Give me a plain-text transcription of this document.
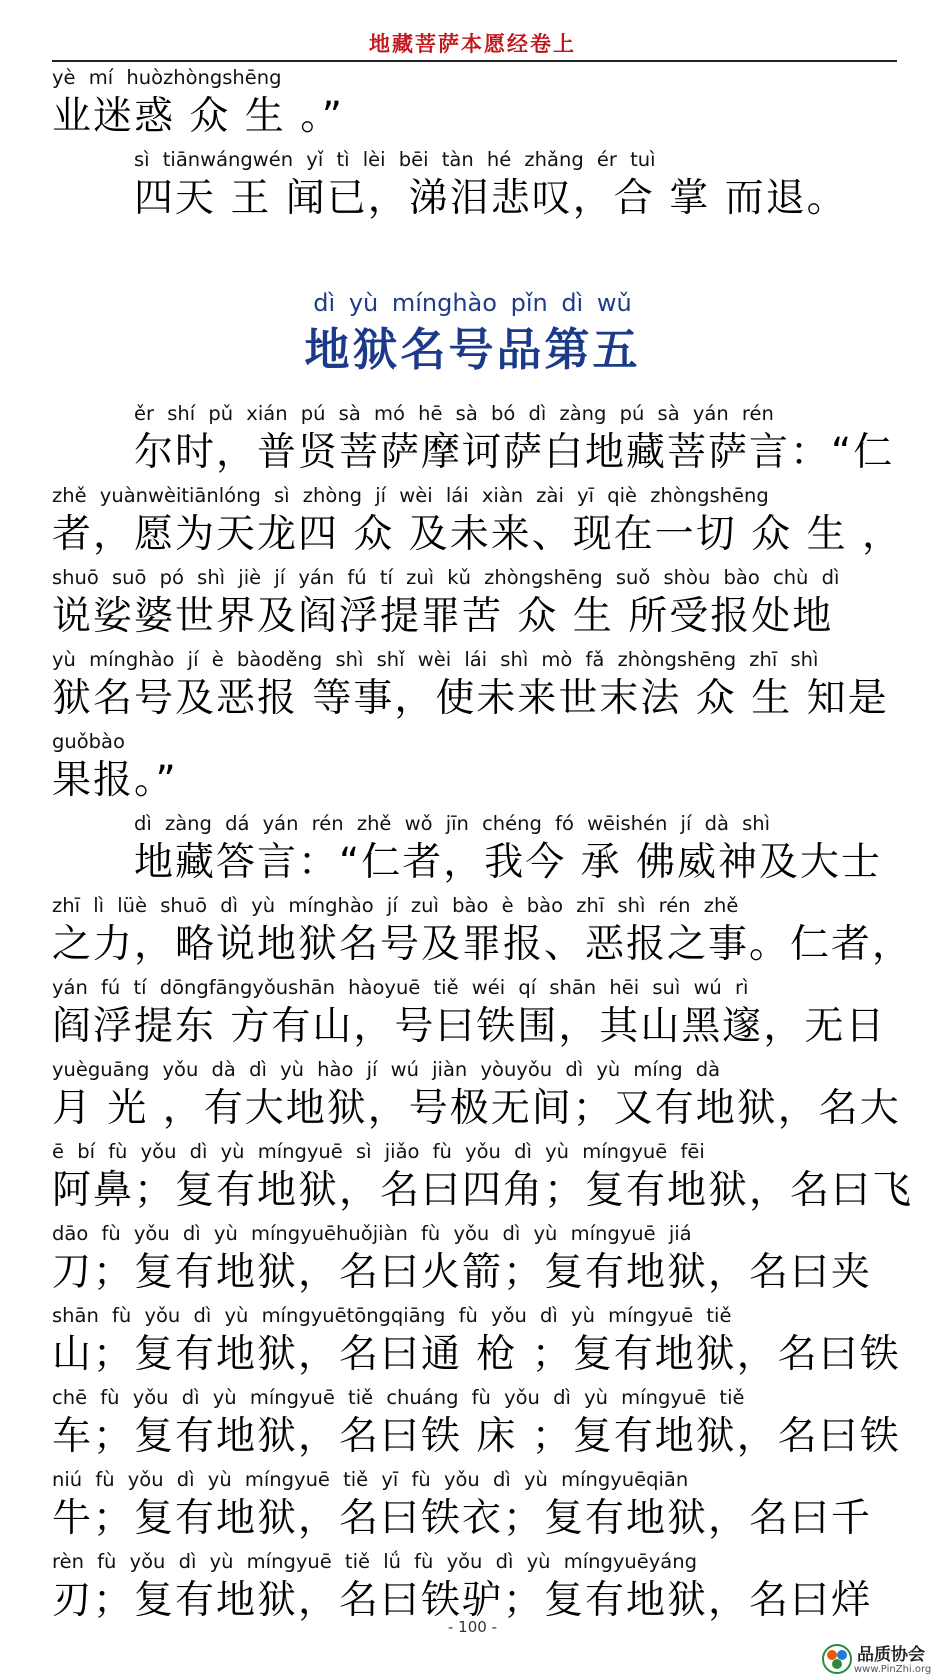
地藏菩萨本愿经卷上
yè mí huòzhòngshēng
业迷惑 众 生 。”
sì tiānwángwén yǐ tì lèi bēi tàn hé zhǎng ér tuì
四天 王 闻已，涕泪悲叹，合 掌 而退。
dì yù mínghào pǐn dì wǔ
地狱名号品第五
ěr shí pǔ xián pú sà mó hē sà bó dì zàng pú sà yán rén
尔时，普贤菩萨摩诃萨白地藏菩萨言：“仁
zhě yuànwèitiānlóng sì zhòng jí wèi lái xiàn zài yī qiè zhòngshēng
者，愿为天龙四 众 及未来、现在一切 众 生 ，
shuō suō pó shì jiè jí yán fú tí zuì kǔ zhòngshēng suǒ shòu bào chù dì
说娑婆世界及阎浮提罪苦 众 生 所受报处地
yù mínghào jí è bàoděng shì shǐ wèi lái shì mò fǎ zhòngshēng zhī shì
狱名号及恶报 等事，使未来世末法 众 生 知是
guǒbào
果报。”
dì zàng dá yán rén zhě wǒ jīn chéng fó wēishén jí dà shì
地藏答言：“仁者，我今 承 佛威神及大士
zhī lì lüè shuō dì yù mínghào jí zuì bào è bào zhī shì rén zhě
之力，略说地狱名号及罪报、恶报之事。仁者，
yán fú tí dōngfāngyǒushān hàoyuē tiě wéi qí shān hēi suì wú rì
阎浮提东 方有山，号曰铁围，其山黑邃，无日
yuèguāng yǒu dà dì yù hào jí wú jiàn yòuyǒu dì yù míng dà
月 光 ，有大地狱，号极无间；又有地狱，名大
ē bí fù yǒu dì yù míngyuē sì jiǎo fù yǒu dì yù míngyuē fēi
阿鼻；复有地狱，名曰四角；复有地狱，名曰飞
dāo fù yǒu dì yù míngyuēhuǒjiàn fù yǒu dì yù míngyuē jiá
刀；复有地狱，名曰火箭；复有地狱，名曰夹
shān fù yǒu dì yù míngyuētōngqiāng fù yǒu dì yù míngyuē tiě
山；复有地狱，名曰通 枪 ；复有地狱，名曰铁
chē fù yǒu dì yù míngyuē tiě chuáng fù yǒu dì yù míngyuē tiě
车；复有地狱，名曰铁 床 ；复有地狱，名曰铁
niú fù yǒu dì yù míngyuē tiě yī fù yǒu dì yù míngyuēqiān
牛；复有地狱，名曰铁衣；复有地狱，名曰千
rèn fù yǒu dì yù míngyuē tiě lǘ fù yǒu dì yù míngyuēyáng
刃；复有地狱，名曰铁驴；复有地狱，名曰烊
- 100 -
品质协会
www.PinZhi.org
